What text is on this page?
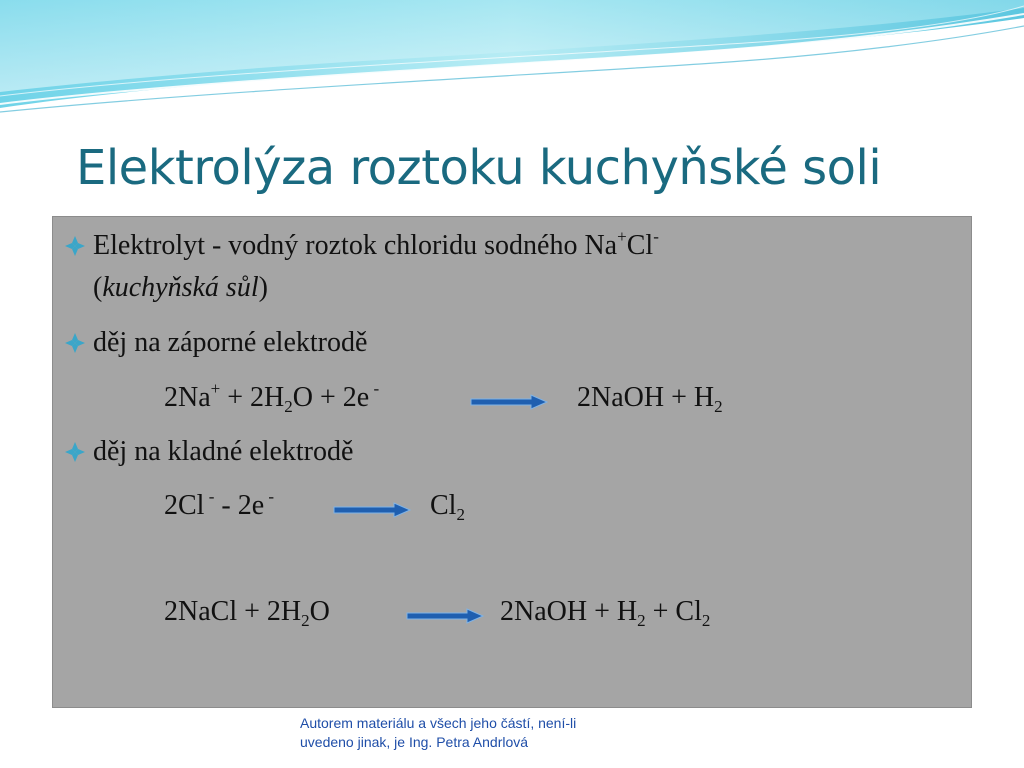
Elektrolýza roztoku kuchyňské soli
Elektrolyt - vodný roztok chloridu sodného Na+Cl-
(kuchyňská sůl)
děj na záporné elektrodě
$2Na^+ + 2H_2O + 2e$ -	2NaOH + $H_2$
děj na kladné elektrodě
2Cl - - 2e -	$Cl_2$
2NaCl + $2H_2O$	2NaOH + $H_2 + Cl_2$
Autorem materiálu a všech jeho částí, není-li
uvedeno jinak, je Ing. Petra Andrlová
